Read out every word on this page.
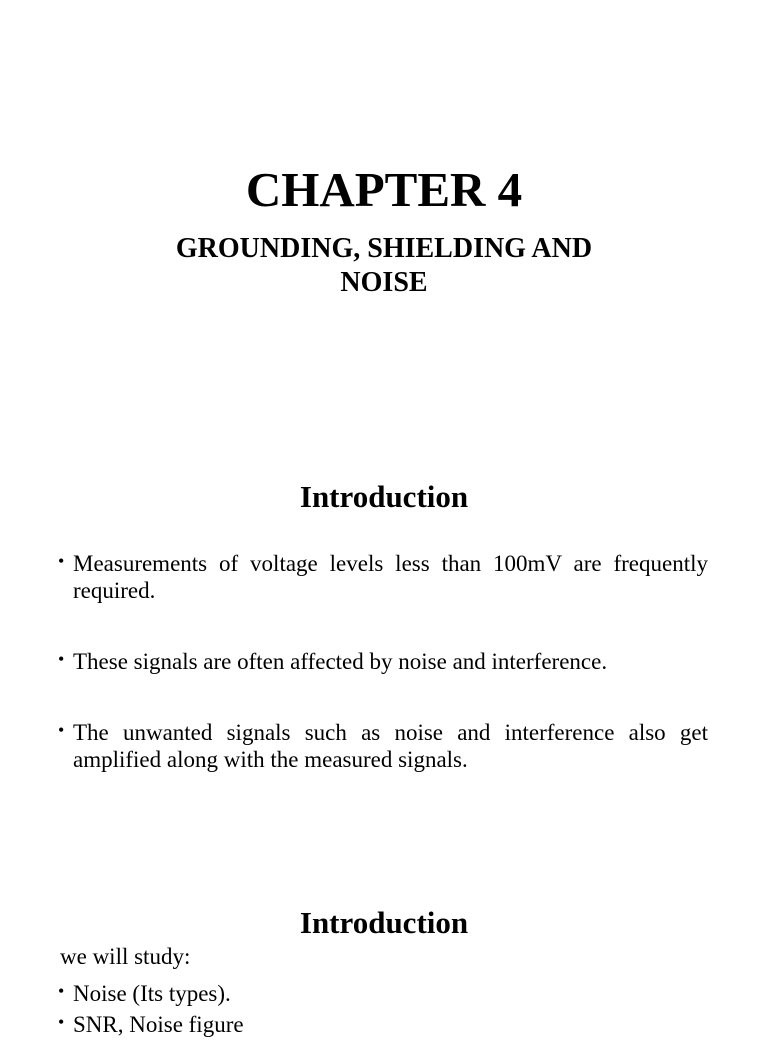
CHAPTER 4
GROUNDING, SHIELDING AND NOISE
Introduction
• Measurements of voltage levels less than 100mV are frequently required.
• These signals are often affected by noise and interference.
• The unwanted signals such as noise and interference also get amplified along with the measured signals.
Introduction

we will study:

• Noise (Its types).
• SNR, Noise figure
